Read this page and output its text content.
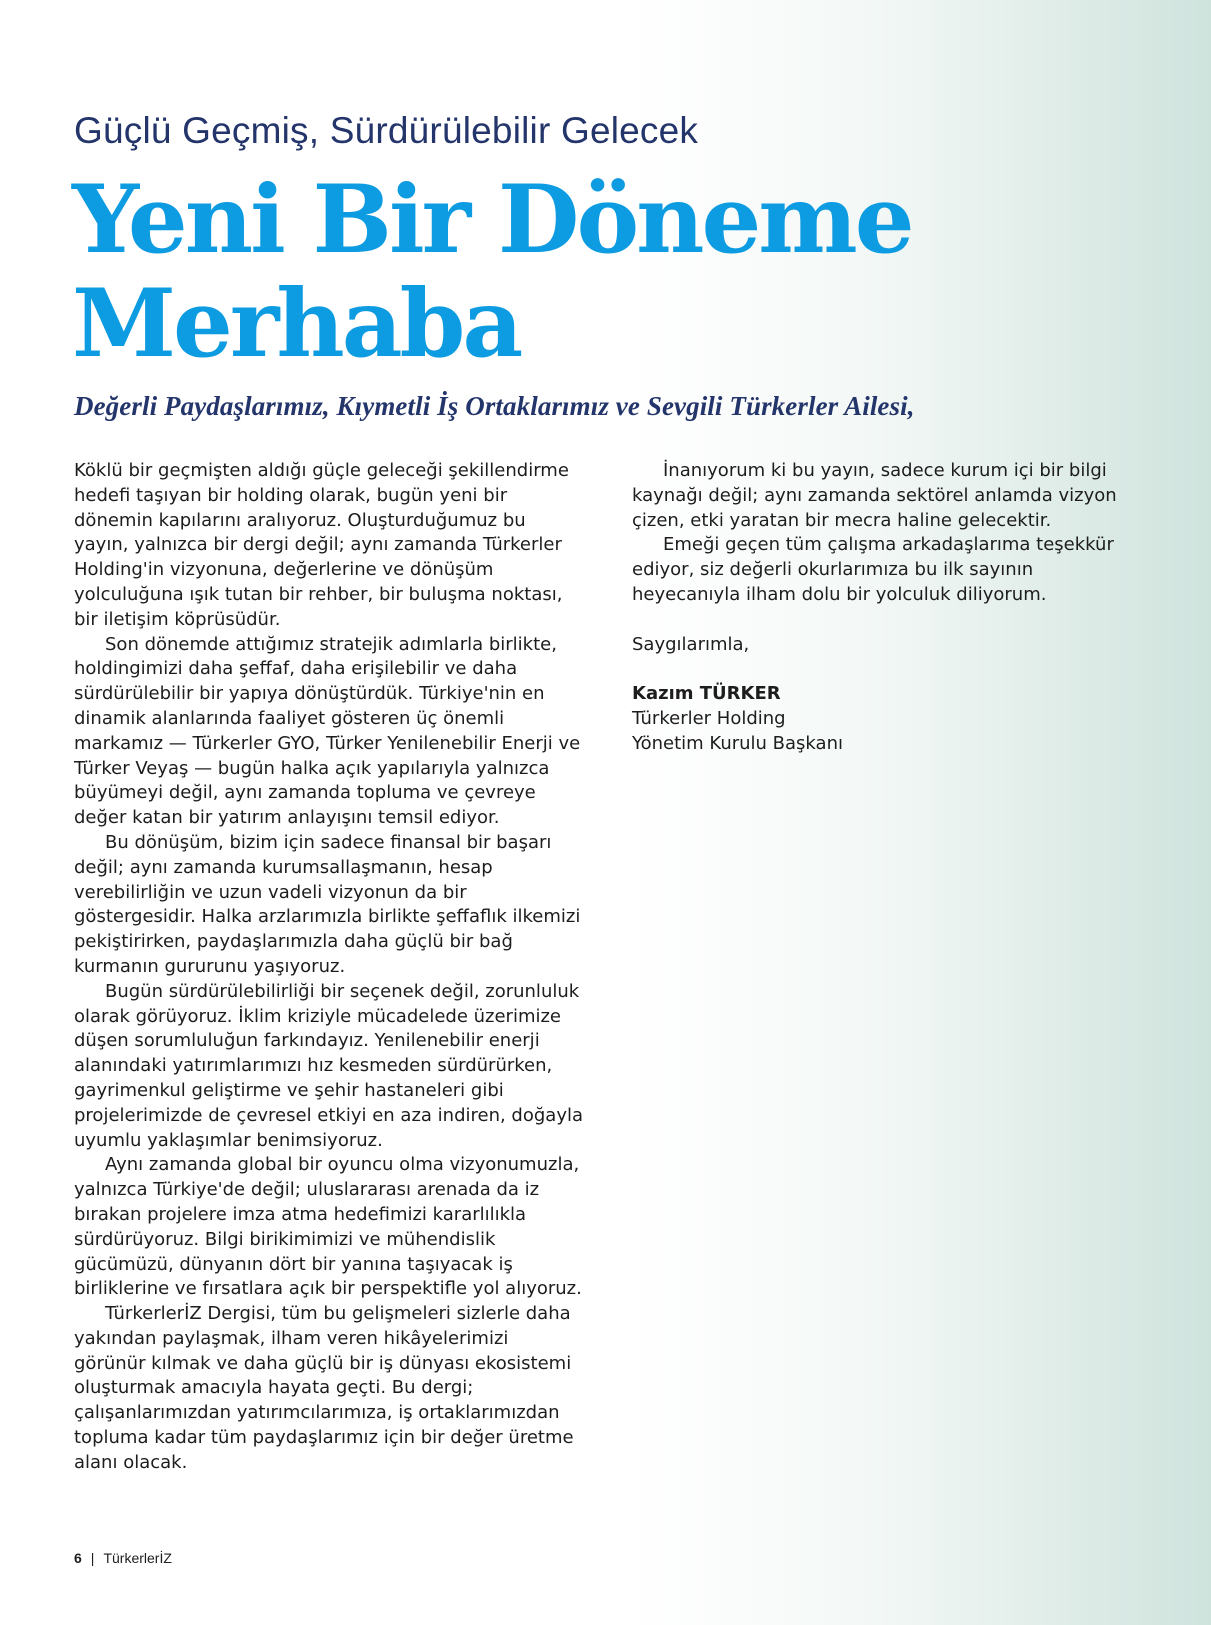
Güçlü Geçmiş, Sürdürülebilir Gelecek
Yeni Bir Döneme
Merhaba
Değerli Paydaşlarımız, Kıymetli İş Ortaklarımız ve Sevgili Türkerler Ailesi,

Köklü bir geçmişten aldığı güçle geleceği şekillendirme hedefi taşıyan bir holding olarak, bugün yeni bir dönemin kapılarını aralıyoruz. Oluşturduğumuz bu yayın, yalnızca bir dergi değil; aynı zamanda Türkerler Holding'in vizyonuna, değerlerine ve dönüşüm yolculuğuna ışık tutan bir rehber, bir buluşma noktası, bir iletişim köprüsüdür.

Son dönemde attığımız stratejik adımlarla birlikte, holdingimizi daha şeffaf, daha erişilebilir ve daha sürdürülebilir bir yapıya dönüştürdük. Türkiye'nin en dinamik alanlarında faaliyet gösteren üç önemli markamız — Türkerler GYO, Türker Yenilenebilir Enerji ve Türker Veyaş — bugün halka açık yapılarıyla yalnızca büyümeyi değil, aynı zamanda topluma ve çevreye değer katan bir yatırım anlayışını temsil ediyor.

Bu dönüşüm, bizim için sadece finansal bir başarı değil; aynı zamanda kurumsallaşmanın, hesap verebilirliğin ve uzun vadeli vizyonun da bir göstergesidir. Halka arzlarımızla birlikte şeffaflık ilkemizi pekiştirirken, paydaşlarımızla daha güçlü bir bağ kurmanın gururunu yaşıyoruz.

Bugün sürdürülebilirliği bir seçenek değil, zorunluluk olarak görüyoruz. İklim kriziyle mücadelede üzerimize düşen sorumluluğun farkındayız. Yenilenebilir enerji alanındaki yatırımlarımızı hız kesmeden sürdürürken, gayrimenkul geliştirme ve şehir hastaneleri gibi projelerimizde de çevresel etkiyi en aza indiren, doğayla uyumlu yaklaşımlar benimsiyoruz.

Aynı zamanda global bir oyuncu olma vizyonumuzla, yalnızca Türkiye'de değil; uluslararası arenada da iz bırakan projelere imza atma hedefimizi kararlılıkla sürdürüyoruz. Bilgi birikimimizi ve mühendislik gücümüzü, dünyanın dört bir yanına taşıyacak iş birliklerine ve fırsatlara açık bir perspektifle yol alıyoruz.

TürkerlerİZ Dergisi, tüm bu gelişmeleri sizlerle daha yakından paylaşmak, ilham veren hikâyelerimizi görünür kılmak ve daha güçlü bir iş dünyası ekosistemi oluşturmak amacıyla hayata geçti. Bu dergi; çalışanlarımızdan yatırımcılarımıza, iş ortaklarımızdan topluma kadar tüm paydaşlarımız için bir değer üretme alanı olacak.

İnanıyorum ki bu yayın, sadece kurum içi bir bilgi kaynağı değil; aynı zamanda sektörel anlamda vizyon çizen, etki yaratan bir mecra haline gelecektir.

Emeği geçen tüm çalışma arkadaşlarıma teşekkür ediyor, siz değerli okurlarımıza bu ilk sayının heyecanıyla ilham dolu bir yolculuk diliyorum.

Saygılarımla,

Kazım TÜRKER
Türkerler Holding
Yönetim Kurulu Başkanı
6 | TürkerlerİZ
